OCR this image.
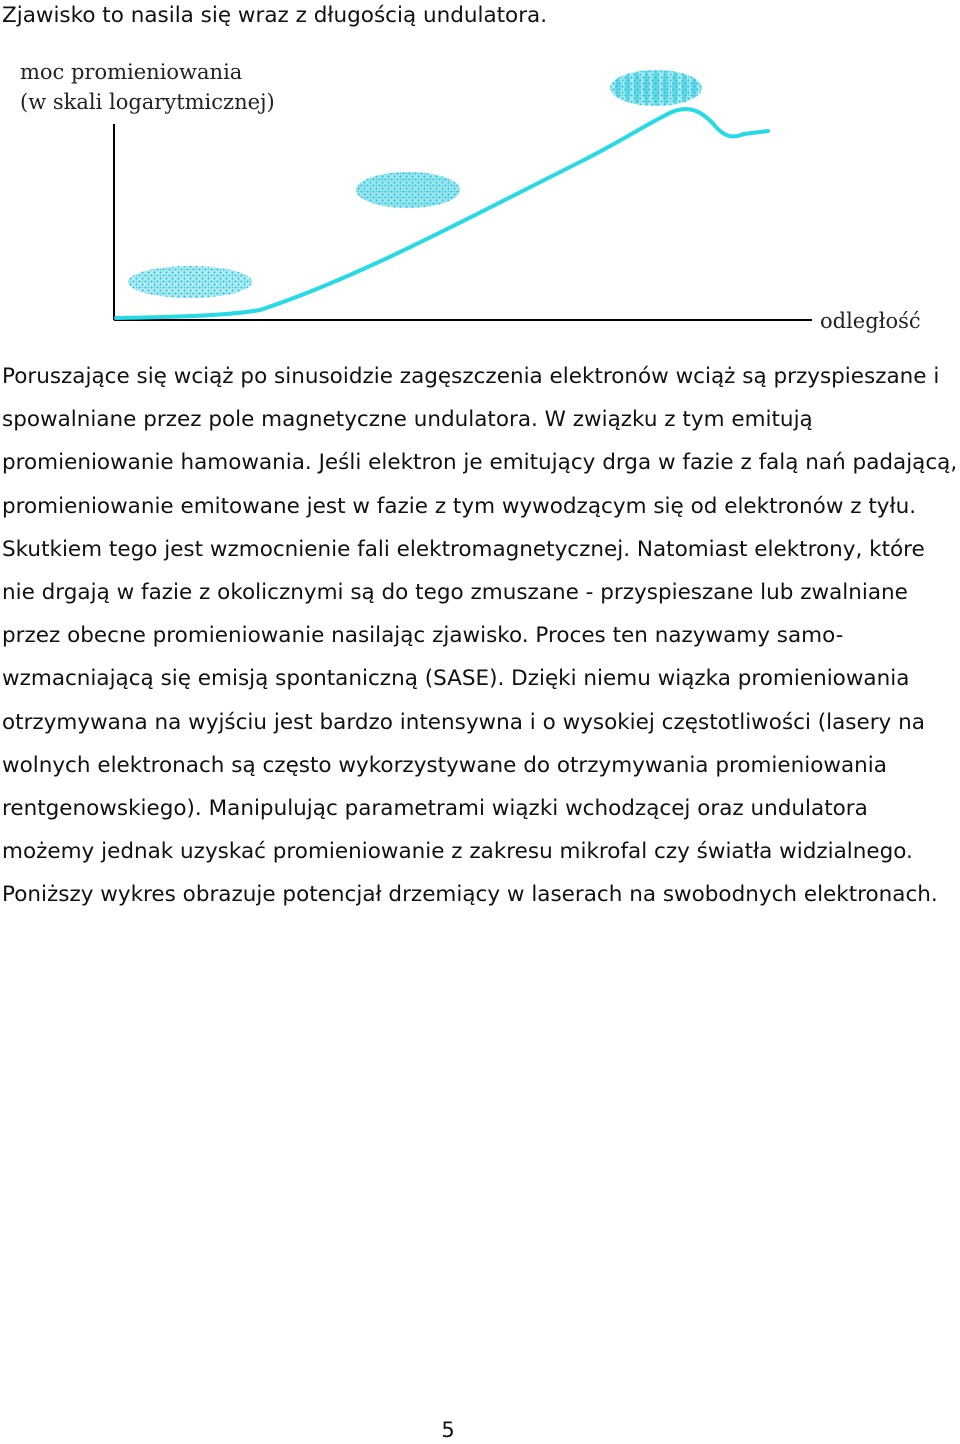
Zjawisko to nasila się wraz z długością undulatora.
moc promieniowania
(w skali logarytmicznej)
odległość

Poruszające się wciąż po sinusoidzie zagęszczenia elektronów wciąż są przyspieszane i spowalniane przez pole magnetyczne undulatora. W związku z tym emitują promieniowanie hamowania. Jeśli elektron je emitujący drga w fazie z falą nań padającą, promieniowanie emitowane jest w fazie z tym wywodzącym się od elektronów z tyłu. Skutkiem tego jest wzmocnienie fali elektromagnetycznej. Natomiast elektrony, które nie drgają w fazie z okolicznymi są do tego zmuszane - przyspieszane lub zwalniane przez obecne promieniowanie nasilając zjawisko. Proces ten nazywamy samo-wzmacniającą się emisją spontaniczną (SASE). Dzięki niemu wiązka promieniowania otrzymywana na wyjściu jest bardzo intensywna i o wysokiej częstotliwości (lasery na wolnych elektronach są często wykorzystywane do otrzymywania promieniowania rentgenowskiego). Manipulując parametrami wiązki wchodzącej oraz undulatora możemy jednak uzyskać promieniowanie z zakresu mikrofal czy światła widzialnego. Poniższy wykres obrazuje potencjał drzemiący w laserach na swobodnych elektronach.

5
